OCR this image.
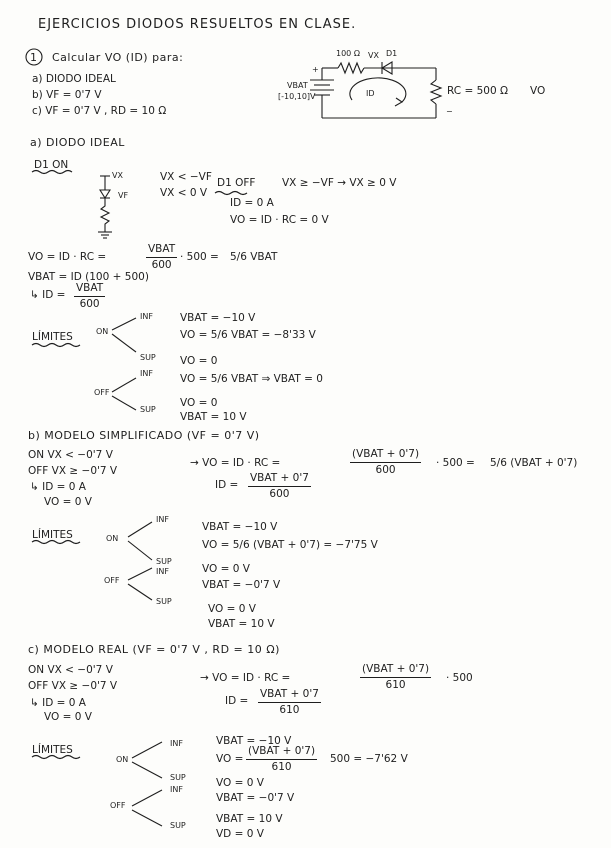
EJERCICIOS DIODOS RESUELTOS EN CLASE.
1 Calcular VO (ID) para:
a) DIODO IDEAL
b) VF = 0'7 V
c) VF = 0'7 V , RD = 10 Ω
100 Ω VX D1
+
VBAT
[-10,10]V	ID	RC = 500 Ω VO
−
a) DIODO IDEAL
D1 ON
VX
VF
VX < −VF
VX < 0 V
D1 OFF	VX ≥ −VF → VX ≥ 0 V
ID = 0 A
VO = ID · RC = 0 V
VO = ID · RC =
VBAT
600
· 500 = 5/6 VBAT
VBAT = ID (100 + 500)
↳ ID =
VBAT
600
LÍMITES	ON
INF	VBAT = −10 V
VO = 5/6 VBAT = −8'33 V
SUP VO = 0
OFF
INF	VO = 5/6 VBAT ⇒ VBAT = 0
SUP
VO = 0
VBAT = 10 V
b) MODELO SIMPLIFICADO (VF = 0'7 V)
ON VX < −0'7 V
OFF VX ≥ −0'7 V
↳ ID = 0 A
VO = 0 V
→ VO = ID · RC =
(VBAT + 0'7)
600
· 500 = 5/6 (VBAT + 0'7)
ID =
VBAT + 0'7
600
LÍMITES	ON
INF
VBAT = −10 V
VO = 5/6 (VBAT + 0'7) = −7'75 V
SUP
VO = 0 V
OFF
INF
VBAT = −0'7 V
SUP
VO = 0 V
VBAT = 10 V
c) MODELO REAL (VF = 0'7 V , RD = 10 Ω)
ON VX < −0'7 V
OFF VX ≥ −0'7 V
↳ ID = 0 A
VO = 0 V
→ VO = ID · RC =
(VBAT + 0'7)
610
· 500
ID =
VBAT + 0'7
610
LÍMITES
ON
INF	VBAT = −10 V
VO =
(VBAT + 0'7)
610
500 = −7'62 V
SUP	VO = 0 V
OFF
INF
VBAT = −0'7 V
SUP
VBAT = 10 V
VD = 0 V
